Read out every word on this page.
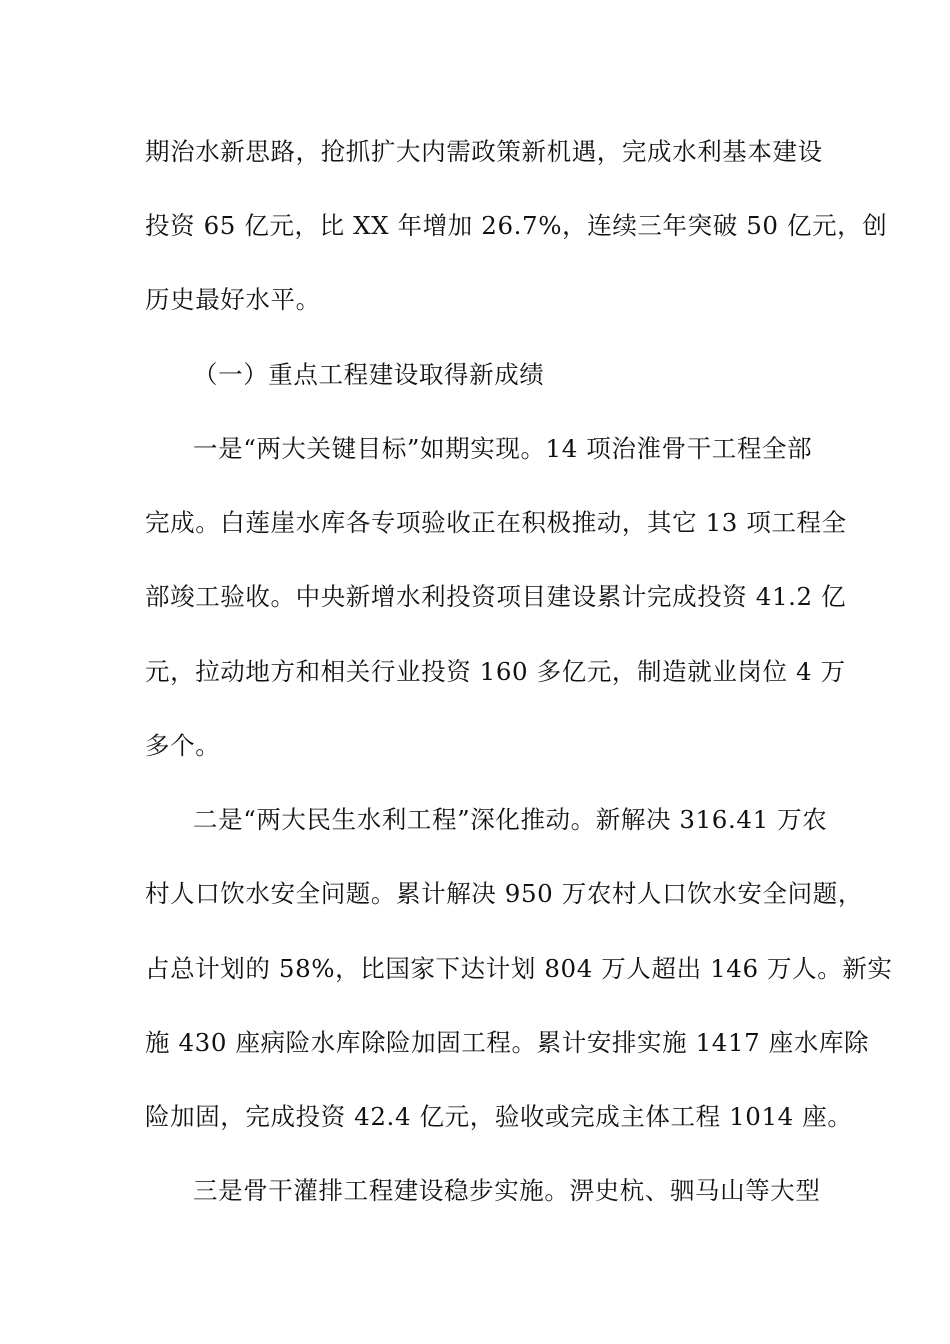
期治水新思路，抢抓扩大内需政策新机遇，完成水利基本建设
投资 65 亿元，比 XX 年增加 26.7%，连续三年突破 50 亿元，创
历史最好水平。
（一）重点工程建设取得新成绩
一是“两大关键目标”如期实现。14 项治淮骨干工程全部
完成。白莲崖水库各专项验收正在积极推动，其它 13 项工程全
部竣工验收。中央新增水利投资项目建设累计完成投资 41.2 亿
元，拉动地方和相关行业投资 160 多亿元，制造就业岗位 4 万
多个。
二是“两大民生水利工程”深化推动。新解决 316.41 万农
村人口饮水安全问题。累计解决 950 万农村人口饮水安全问题，
占总计划的 58%，比国家下达计划 804 万人超出 146 万人。新实
施 430 座病险水库除险加固工程。累计安排实施 1417 座水库除
险加固，完成投资 42.4 亿元，验收或完成主体工程 1014 座。
三是骨干灌排工程建设稳步实施。淠史杭、驷马山等大型
